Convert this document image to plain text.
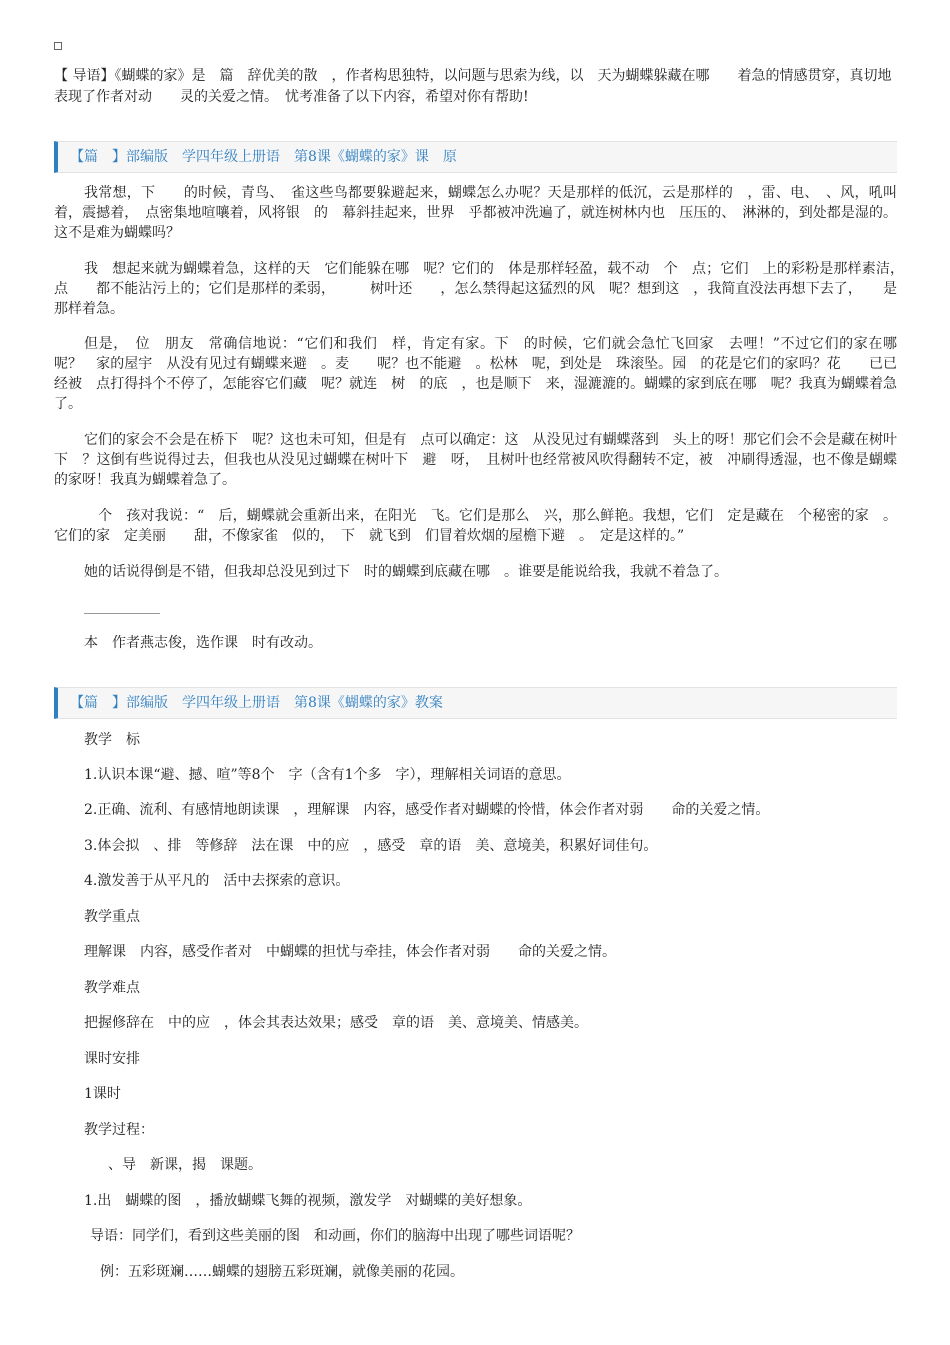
【 导语】《蝴蝶的家》是　篇　辞优美的散　，作者构思独特，以问题与思索为线，以　天为蝴蝶躲藏在哪　　着急的情感贯穿，真切地表现了作者对动　　灵的关爱之情。　忧考准备了以下内容，希望对你有帮助!
【篇　】部编版　学四年级上册语　第8课《蝴蝶的家》课　原
我常想，下　　的时候，青鸟、　雀这些鸟都要躲避起来，蝴蝶怎么办呢？天是那样的低沉，云是那样的　，雷、电、　、风，吼叫着，震撼着，　点密集地喧嚷着，风将银　的　幕斜挂起来，世界　乎都被冲洗遍了，就连树林内也　压压的、　淋淋的，到处都是湿的。这不是难为蝴蝶吗？
我　想起来就为蝴蝶着急，这样的天　它们能躲在哪　呢？它们的　体是那样轻盈，载不动　个　点；它们　上的彩粉是那样素洁，　点　　都不能沾污上的；它们是那样的柔弱，　　　树叶还　　，怎么禁得起这猛烈的风　呢？想到这　，我简直没法再想下去了，　　是那样着急。
但是，　位　朋友　常确信地说：“它们和我们　样，肯定有家。下　的时候，它们就会急忙飞回家　去哩！”不过它们的家在哪　呢？　家的屋宇　从没有见过有蝴蝶来避　。麦　　呢？也不能避　。松林　呢，到处是　珠滚坠。园　的花是它们的家吗？花　　已已经被　点打得抖个不停了，怎能容它们藏　呢？就连　树　的底　，也是顺下　来，湿漉漉的。蝴蝶的家到底在哪　呢？我真为蝴蝶着急了。
它们的家会不会是在桥下　呢？这也未可知，但是有　点可以确定：这　从没见过有蝴蝶落到　头上的呀！那它们会不会是藏在树叶下　？这倒有些说得过去，但我也从没见过蝴蝶在树叶下　避　呀，　且树叶也经常被风吹得翻转不定，被　冲刷得透湿，也不像是蝴蝶的家呀！我真为蝴蝶着急了。
　个　孩对我说：“　后，蝴蝶就会重新出来，在阳光　飞。它们是那么　兴，那么鲜艳。我想，它们　定是藏在　个秘密的家　。它们的家　定美丽　　甜，不像家雀　似的，　下　就飞到　们冒着炊烟的屋檐下避　。　定是这样的。”
她的话说得倒是不错，但我却总没见到过下　时的蝴蝶到底藏在哪　。谁要是能说给我，我就不着急了。
本　作者燕志俊，选作课　时有改动。
【篇　】部编版　学四年级上册语　第8课《蝴蝶的家》教案
教学　标
1.认识本课“避、撼、喧”等8个　字（含有1个多　字），理解相关词语的意思。
2.正确、流利、有感情地朗读课　，理解课　内容，感受作者对蝴蝶的怜惜，体会作者对弱　　命的关爱之情。
3.体会拟　、排　等修辞　法在课　中的应　，感受　章的语　美、意境美，积累好词佳句。
4.激发善于从平凡的　活中去探索的意识。
教学重点
理解课　内容，感受作者对　中蝴蝶的担忧与牵挂，体会作者对弱　　命的关爱之情。
教学难点
把握修辞在　中的应　，体会其表达效果；感受　章的语　美、意境美、情感美。
课时安排
1课时
教学过程：
　、导　新课，揭　课题。
1.出　蝴蝶的图　，播放蝴蝶飞舞的视频，激发学　对蝴蝶的美好想象。
导语：同学们，看到这些美丽的图　和动画，你们的脑海中出现了哪些词语呢？
例：五彩斑斓……蝴蝶的翅膀五彩斑斓，就像美丽的花园。
